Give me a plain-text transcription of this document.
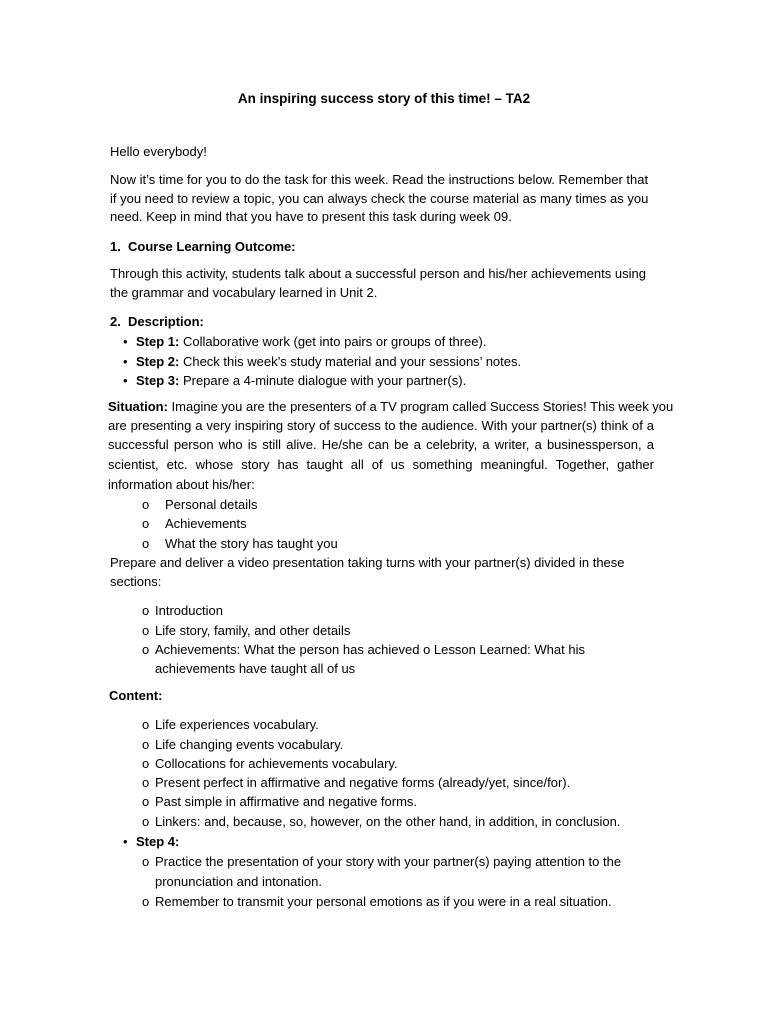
An inspiring success story of this time! – TA2
Hello everybody!
Now it’s time for you to do the task for this week. Read the instructions below. Remember that
if you need to review a topic, you can always check the course material as many times as you
need. Keep in mind that you have to present this task during week 09.
1. Course Learning Outcome:
Through this activity, students talk about a successful person and his/her achievements using
the grammar and vocabulary learned in Unit 2.
2. Description:
• Step 1: Collaborative work (get into pairs or groups of three).
• Step 2: Check this week’s study material and your sessions’ notes.
• Step 3: Prepare a 4-minute dialogue with your partner(s).
Situation: Imagine you are the presenters of a TV program called Success Stories! This week you
are presenting a very inspiring story of success to the audience. With your partner(s) think of a
successful person who is still alive. He/she can be a celebrity, a writer, a businessperson, a
scientist, etc. whose story has taught all of us something meaningful. Together, gather
information about his/her:
o Personal details
o Achievements
o What the story has taught you
Prepare and deliver a video presentation taking turns with your partner(s) divided in these
sections:
o Introduction
o Life story, family, and other details
o Achievements: What the person has achieved o Lesson Learned: What his
achievements have taught all of us
Content:
o Life experiences vocabulary.
o Life changing events vocabulary.
o Collocations for achievements vocabulary.
o Present perfect in affirmative and negative forms (already/yet, since/for).
o Past simple in affirmative and negative forms.
o Linkers: and, because, so, however, on the other hand, in addition, in conclusion.
• Step 4:
o Practice the presentation of your story with your partner(s) paying attention to the
pronunciation and intonation.
o Remember to transmit your personal emotions as if you were in a real situation.
